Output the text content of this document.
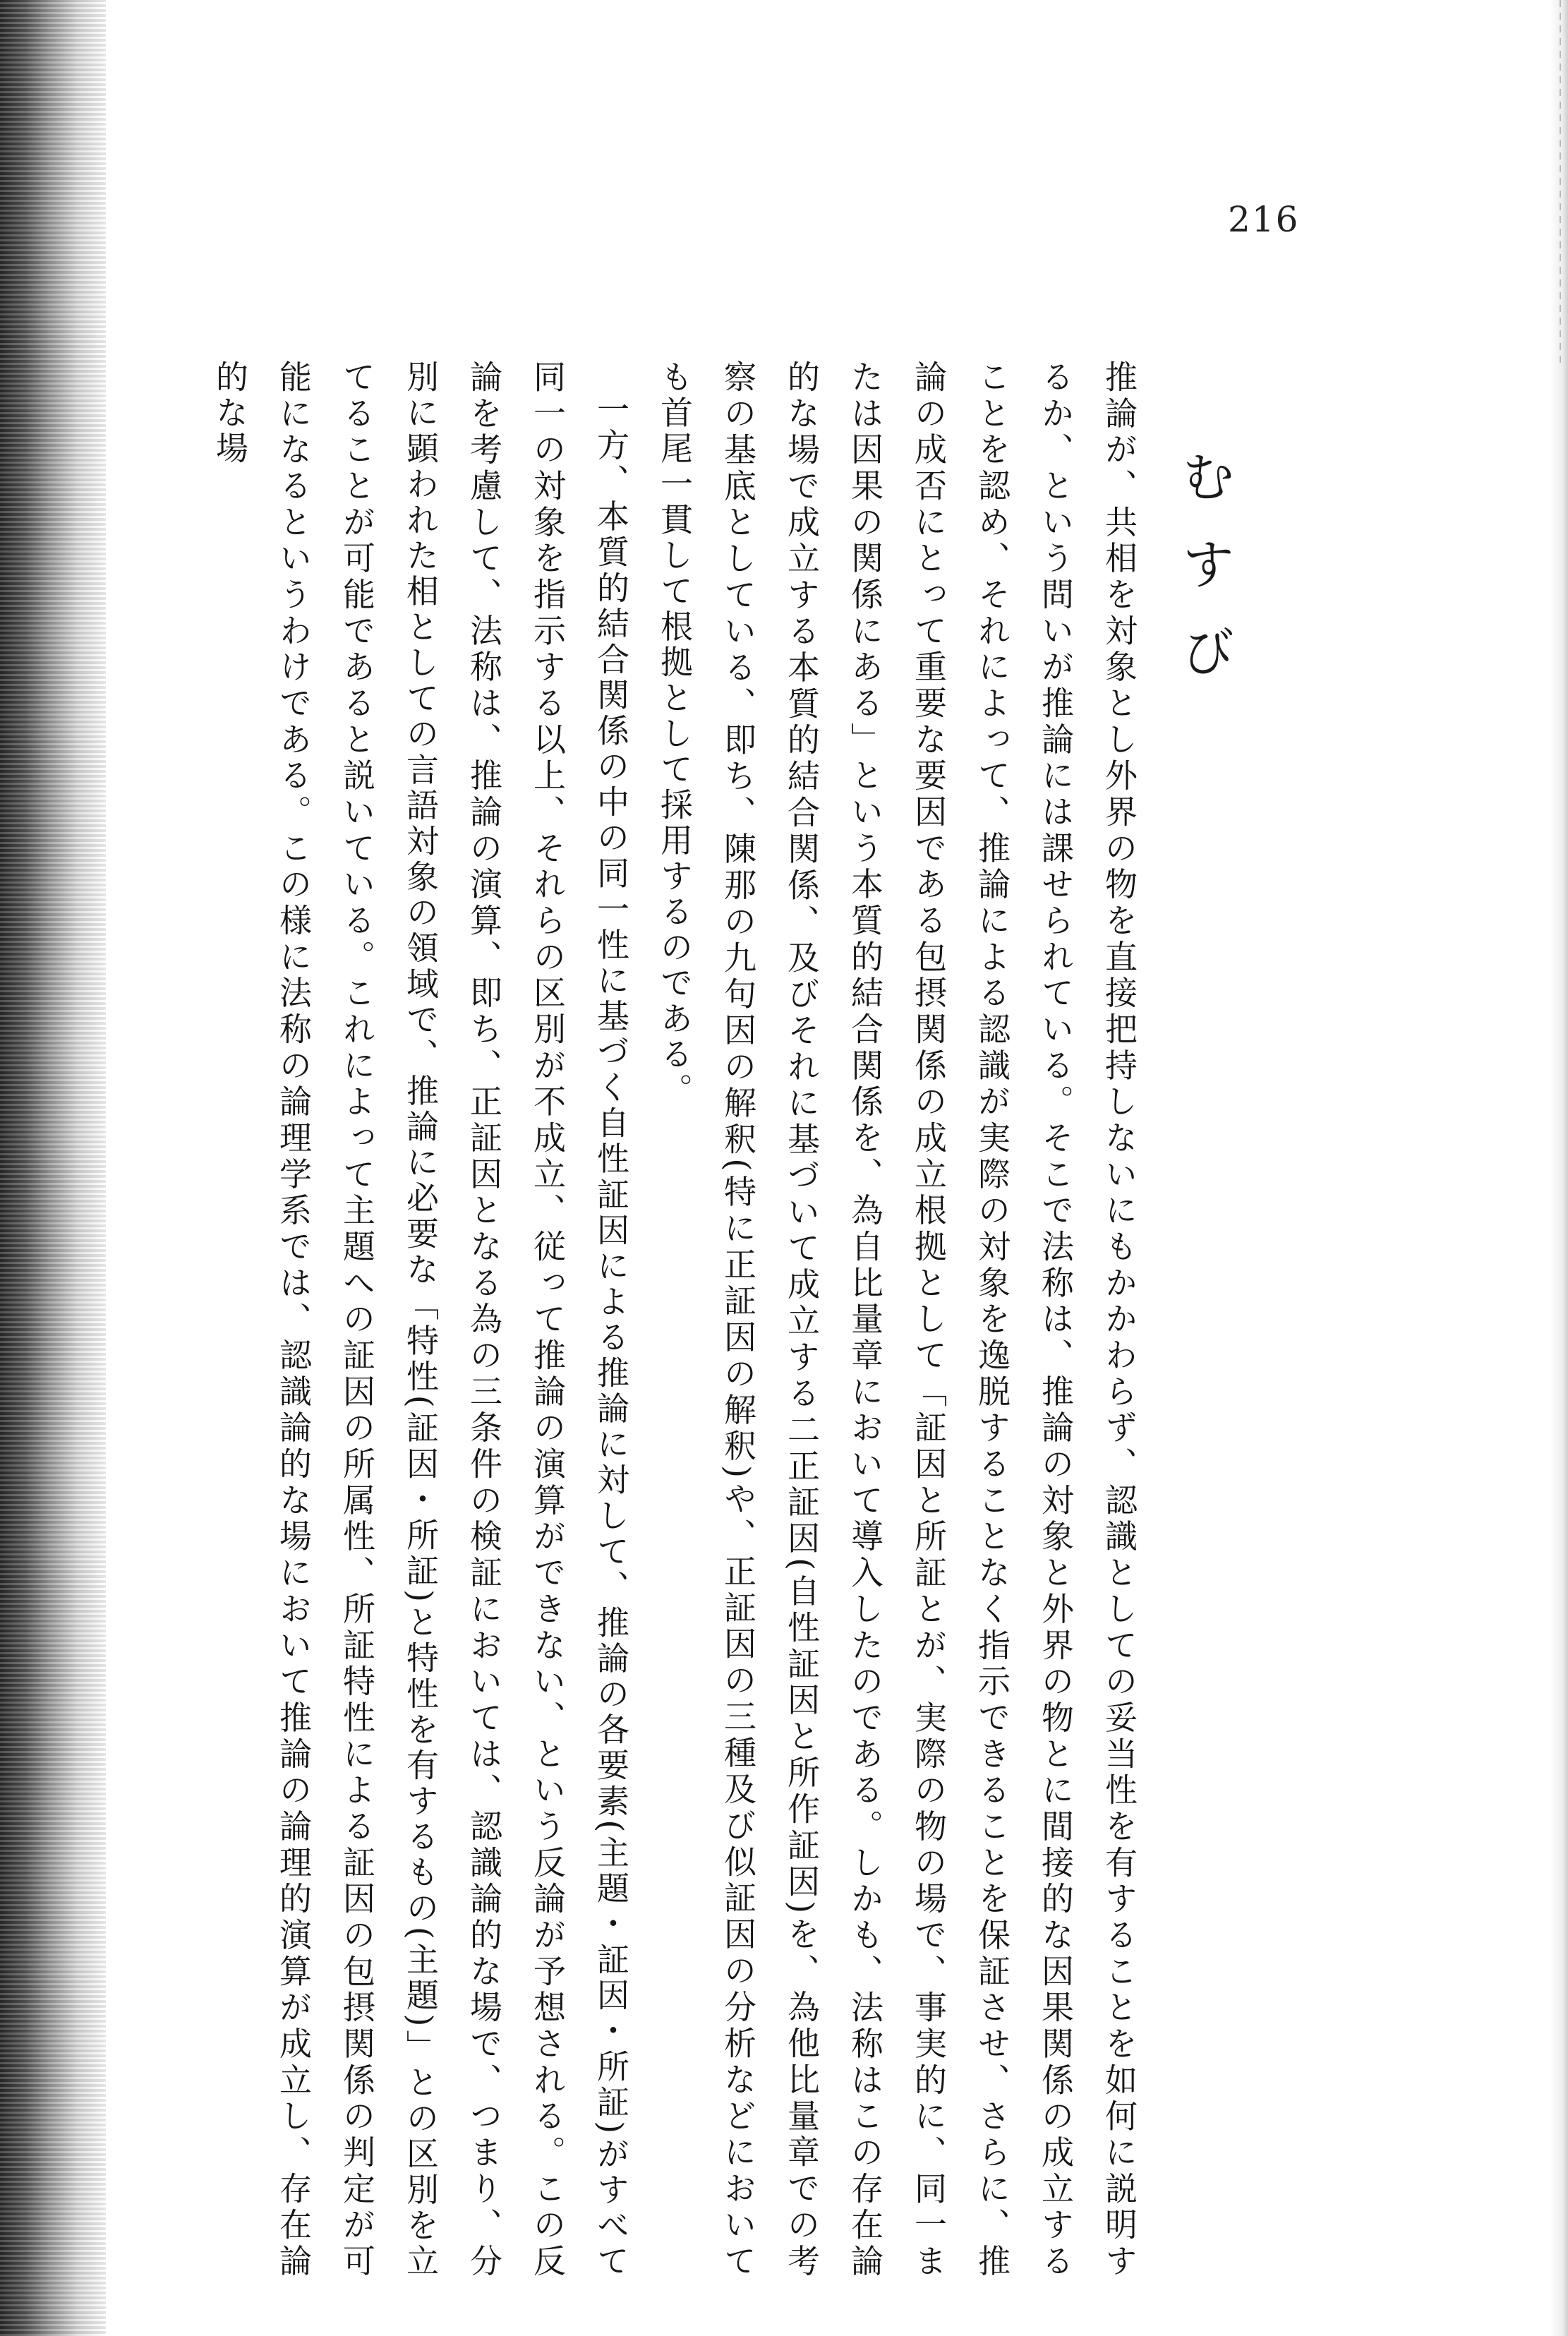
216
むすび

推論が、共相を対象とし外界の物を直接把持しないにもかかわらず、認識としての妥当性を有することを如何に説明するか、という問いが推論には課せられている。そこで法称は、推論の対象と外界の物とに間接的な因果関係の成立することを認め、それによって、推論による認識が実際の対象を逸脱することなく指示できることを保証させ、さらに、推論の成否にとって重要な要因である包摂関係の成立根拠として「証因と所証とが、実際の物の場で、事実的に、同一または因果の関係にある」という本質的結合関係を、為自比量章において導入したのである。しかも、法称はこの存在論的な場で成立する本質的結合関係、及びそれに基づいて成立する二正証因(自性証因と所作証因)を、為他比量章での考察の基底としている、即ち、陳那の九句因の解釈(特に正証因の解釈)や、正証因の三種及び似証因の分析などにおいても首尾一貫して根拠として採用するのである。

一方、本質的結合関係の中の同一性に基づく自性証因による推論に対して、推論の各要素(主題・証因・所証)がすべて同一の対象を指示する以上、それらの区別が不成立、従って推論の演算ができない、という反論が予想される。この反論を考慮して、法称は、推論の演算、即ち、正証因となる為の三条件の検証においては、認識論的な場で、つまり、分別に顕われた相としての言語対象の領域で、推論に必要な「特性(証因・所証)と特性を有するもの(主題)」との区別を立てることが可能であると説いている。これによって主題への証因の所属性、所証特性による証因の包摂関係の判定が可能になるというわけである。この様に法称の論理学系では、認識論的な場において推論の論理的演算が成立し、存在論的な場
